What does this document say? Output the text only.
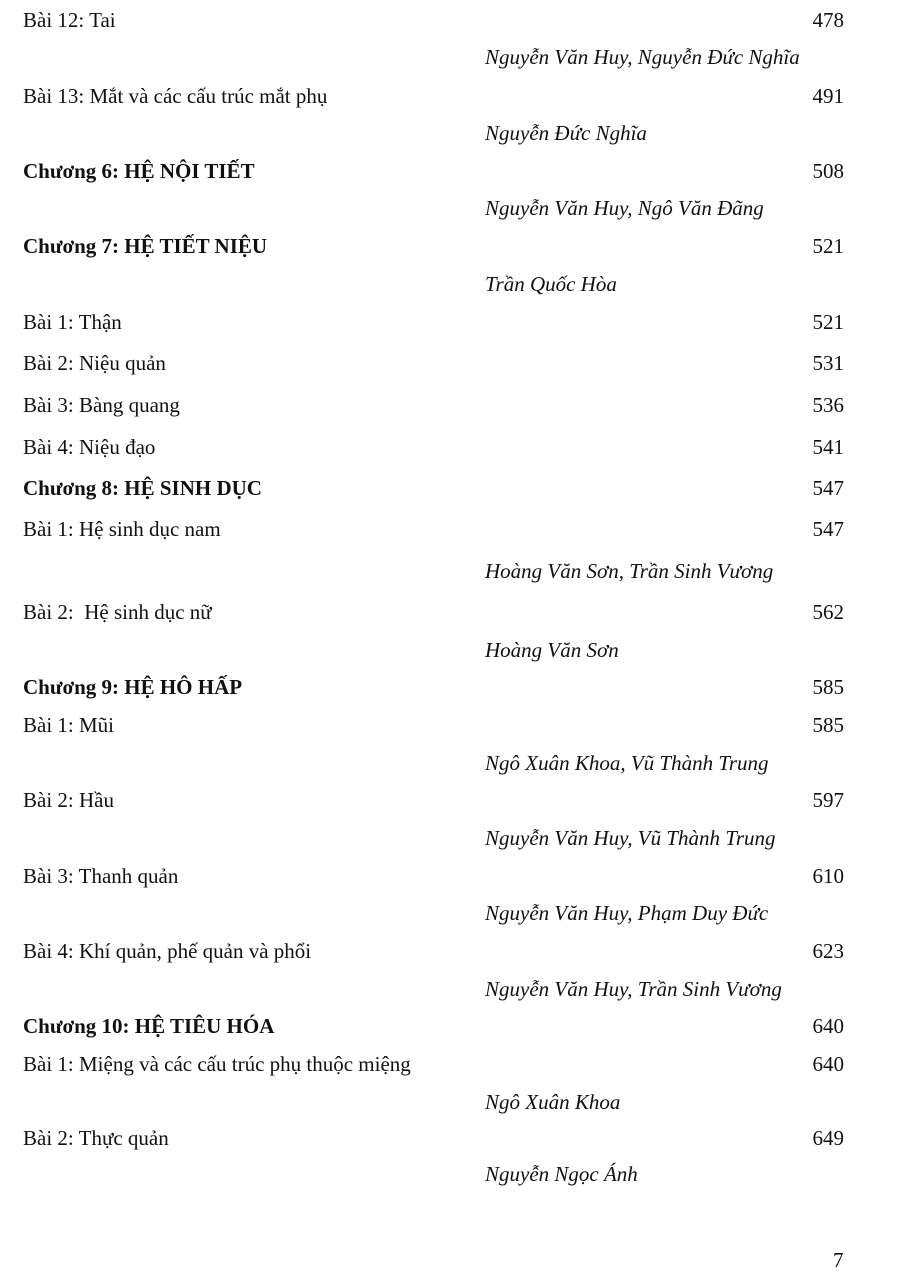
Bài 12: Tai	478
Nguyễn Văn Huy, Nguyễn Đức Nghĩa
Bài 13: Mắt và các cấu trúc mắt phụ	491
Nguyễn Đức Nghĩa
Chương 6: HỆ NỘI TIẾT	508
Nguyễn Văn Huy, Ngô Văn Đãng
Chương 7: HỆ TIẾT NIỆU	521
Trần Quốc Hòa
Bài 1: Thận	521
Bài 2: Niệu quản	531
Bài 3: Bàng quang	536
Bài 4: Niệu đạo	541
Chương 8: HỆ SINH DỤC	547
Bài 1: Hệ sinh dục nam	547
Hoàng Văn Sơn, Trần Sinh Vương
Bài 2:  Hệ sinh dục nữ	562
Hoàng Văn Sơn
Chương 9: HỆ HÔ HẤP	585
Bài 1: Mũi	585
Ngô Xuân Khoa, Vũ Thành Trung
Bài 2: Hầu	597
Nguyễn Văn Huy, Vũ Thành Trung
Bài 3: Thanh quản	610
Nguyễn Văn Huy, Phạm Duy Đức
Bài 4: Khí quản, phế quản và phổi	623
Nguyễn Văn Huy, Trần Sinh Vương
Chương 10: HỆ TIÊU HÓA	640
Bài 1: Miệng và các cấu trúc phụ thuộc miệng	640
Ngô Xuân Khoa
Bài 2: Thực quản	649
Nguyễn Ngọc Ánh
7
